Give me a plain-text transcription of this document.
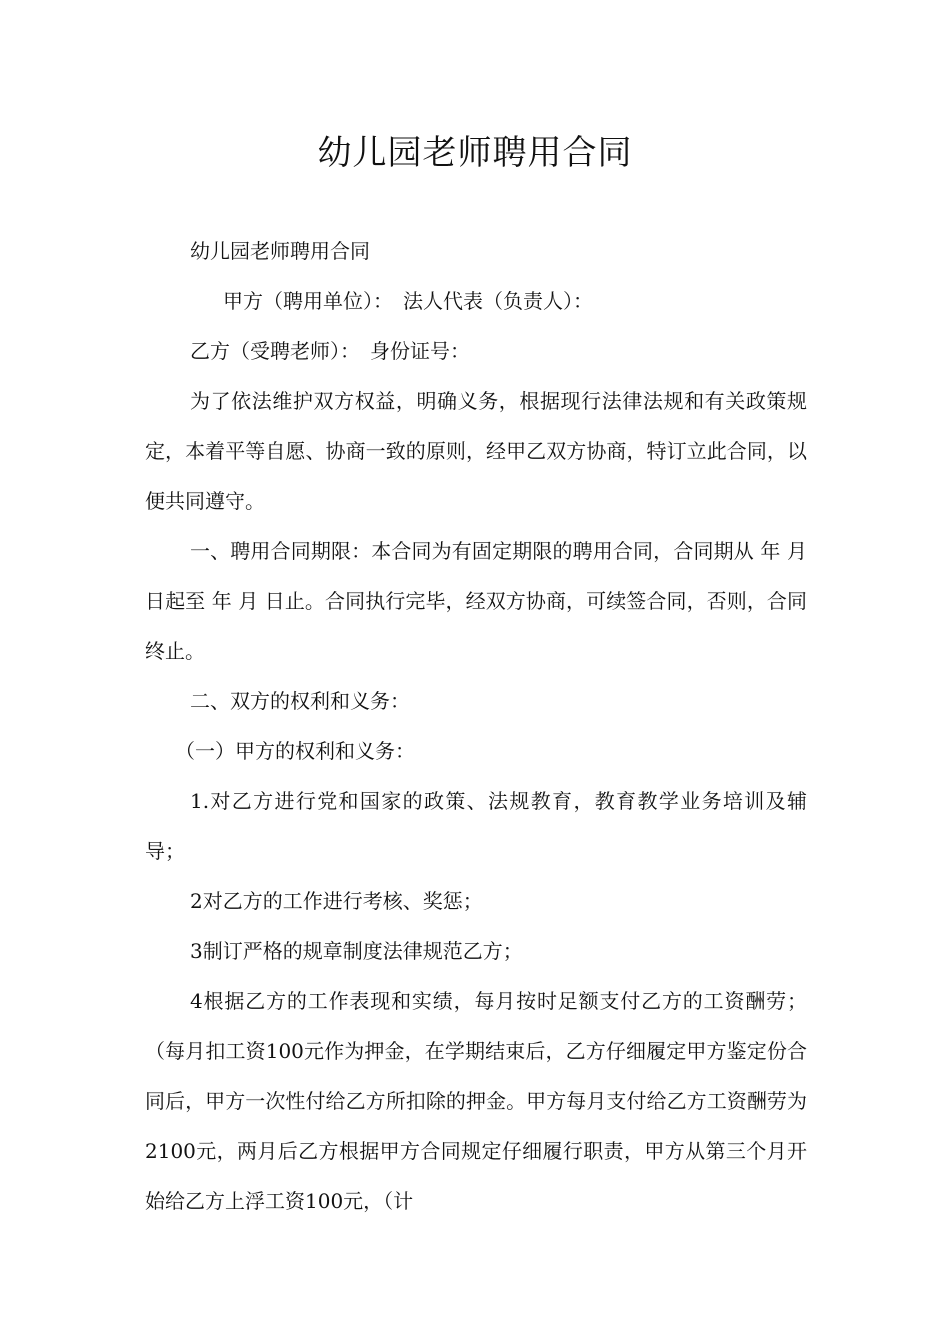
幼儿园老师聘用合同

幼儿园老师聘用合同

甲方（聘用单位）：　法人代表（负责人）：

乙方（受聘老师）：　身份证号：

为了依法维护双方权益，明确义务，根据现行法律法规和有关政策规定，本着平等自愿、协商一致的原则，经甲乙双方协商，特订立此合同，以便共同遵守。

一、聘用合同期限：本合同为有固定期限的聘用合同，合同期从 年 月 日起至 年 月 日止。合同执行完毕，经双方协商，可续签合同，否则，合同终止。

二、双方的权利和义务：

（一）甲方的权利和义务：

1.对乙方进行党和国家的政策、法规教育，教育教学业务培训及辅导；

2对乙方的工作进行考核、奖惩；

3制订严格的规章制度法律规范乙方；

4根据乙方的工作表现和实绩，每月按时足额支付乙方的工资酬劳；（每月扣工资100元作为押金，在学期结束后，乙方仔细履定甲方鉴定份合同后，甲方一次性付给乙方所扣除的押金。甲方每月支付给乙方工资酬劳为2100元，两月后乙方根据甲方合同规定仔细履行职责，甲方从第三个月开始给乙方上浮工资100元，（计
